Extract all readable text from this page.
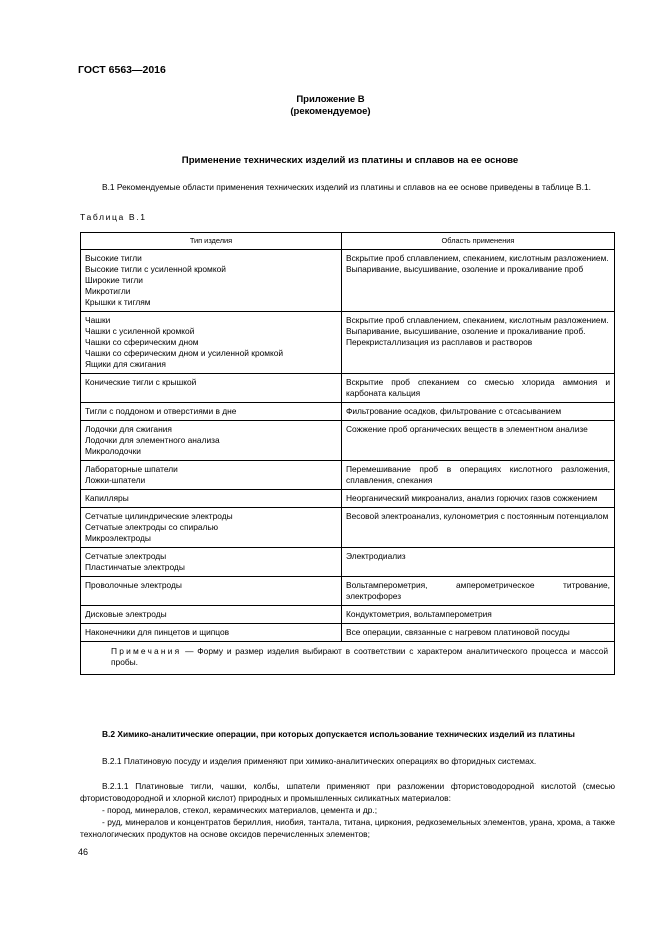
ГОСТ 6563—2016
Приложение В
(рекомендуемое)
Применение технических изделий из платины и сплавов на ее основе
В.1 Рекомендуемые области применения технических изделий из платины и сплавов на ее основе приведены в таблице В.1.
Таблица В.1
Тип изделия	Область применения

Высокие тигли
Высокие тигли с усиленной кромкой
Широкие тигли
Микротигли
Крышки к тиглям	Вскрытие проб сплавлением, спеканием, кислотным разложением.
Выпаривание, высушивание, озоление и прокаливание проб

Чашки
Чашки с усиленной кромкой
Чашки со сферическим дном
Чашки со сферическим дном и усиленной кромкой
Ящики для сжигания	Вскрытие проб сплавлением, спеканием, кислотным разложением.
Выпаривание, высушивание, озоление и прокаливание проб.
Перекристаллизация из расплавов и растворов

Конические тигли с крышкой	Вскрытие проб спеканием со смесью хлорида аммония и карбоната кальция

Тигли с поддоном и отверстиями в дне	Фильтрование осадков, фильтрование с отсасыванием

Лодочки для сжигания
Лодочки для элементного анализа
Микролодочки	Сожжение проб органических веществ в элементном анализе

Лабораторные шпатели
Ложки-шпатели	Перемешивание проб в операциях кислотного разложения, сплавления, спекания

Капилляры	Неорганический микроанализ, анализ горючих газов сожжением

Сетчатые цилиндрические электроды
Сетчатые электроды со спиралью
Микроэлектроды	Весовой электроанализ, кулонометрия с постоянным потенциалом

Сетчатые электроды
Пластинчатые электроды	Электродиализ

Проволочные электроды	Вольтамперометрия, амперометрическое титрование, электрофорез

Дисковые электроды	Кондуктометрия, вольтамперометрия

Наконечники для пинцетов и щипцов	Все операции, связанные с нагревом платиновой посуды

Примечания — Форму и размер изделия выбирают в соответствии с характером аналитического процесса и массой пробы.	
В.2 Химико-аналитические операции, при которых допускается использование технических изделий из платины
В.2.1 Платиновую посуду и изделия применяют при химико-аналитических операциях во фторидных системах.
В.2.1.1 Платиновые тигли, чашки, колбы, шпатели применяют при разложении фтористоводородной кислотой (смесью фтористоводородной и хлорной кислот) природных и промышленных силикатных материалов:
- пород, минералов, стекол, керамических материалов, цемента и др.;
- руд, минералов и концентратов бериллия, ниобия, тантала, титана, циркония, редкоземельных элементов, урана, хрома, а также технологических продуктов на основе оксидов перечисленных элементов;
46
